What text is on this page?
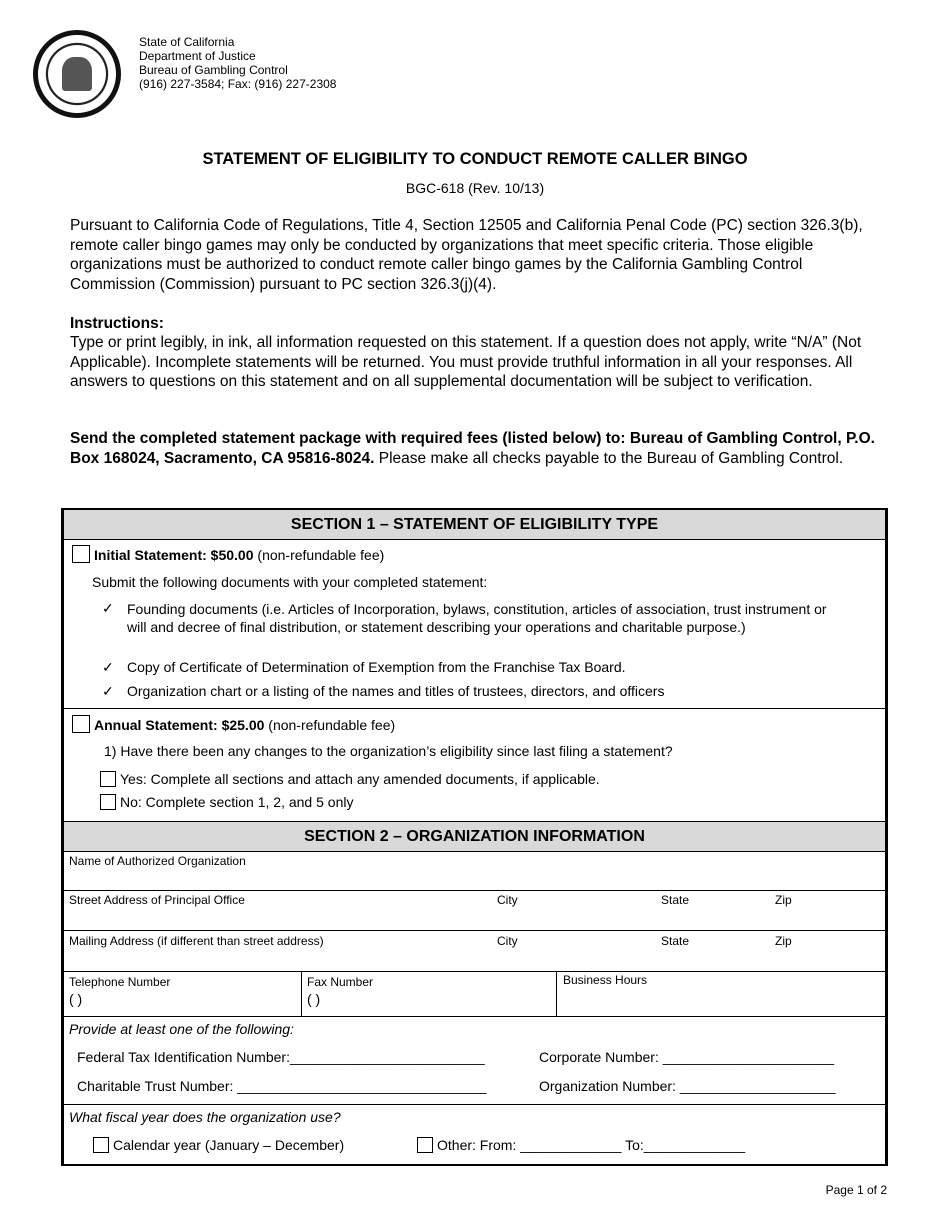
State of California
Department of Justice
Bureau of Gambling Control
(916) 227-3584; Fax: (916) 227-2308
STATEMENT OF ELIGIBILITY TO CONDUCT REMOTE CALLER BINGO
BGC-618 (Rev. 10/13)
Pursuant to California Code of Regulations, Title 4, Section 12505 and California Penal Code (PC) section 326.3(b), remote caller bingo games may only be conducted by organizations that meet specific criteria. Those eligible organizations must be authorized to conduct remote caller bingo games by the California Gambling Control Commission (Commission) pursuant to PC section 326.3(j)(4).
Instructions:
Type or print legibly, in ink, all information requested on this statement. If a question does not apply, write “N/A” (Not Applicable). Incomplete statements will be returned. You must provide truthful information in all your responses. All answers to questions on this statement and on all supplemental documentation will be subject to verification.
Send the completed statement package with required fees (listed below) to: Bureau of Gambling Control, P.O. Box 168024, Sacramento, CA 95816-8024. Please make all checks payable to the Bureau of Gambling Control.
SECTION 1 – STATEMENT OF ELIGIBILITY TYPE
Initial Statement: $50.00 (non-refundable fee)
Submit the following documents with your completed statement:
✓ Founding documents (i.e. Articles of Incorporation, bylaws, constitution, articles of association, trust instrument or will and decree of final distribution, or statement describing your operations and charitable purpose.)
✓ Copy of Certificate of Determination of Exemption from the Franchise Tax Board.
✓ Organization chart or a listing of the names and titles of trustees, directors, and officers
Annual Statement: $25.00 (non-refundable fee)
1) Have there been any changes to the organization’s eligibility since last filing a statement?
Yes: Complete all sections and attach any amended documents, if applicable.
No: Complete section 1, 2, and 5 only
SECTION 2 – ORGANIZATION INFORMATION
Name of Authorized Organization
Street Address of Principal Office	City	State	Zip
Mailing Address (if different than street address)	City	State	Zip
Telephone Number
( )
Fax Number
( )
Business Hours
Provide at least one of the following:
Federal Tax Identification Number:_________________________	Corporate Number: ______________________
Charitable Trust Number: ________________________________	Organization Number: ____________________
What fiscal year does the organization use?
Calendar year (January – December)	Other: From: _____________ To:_____________
Page 1 of 2
